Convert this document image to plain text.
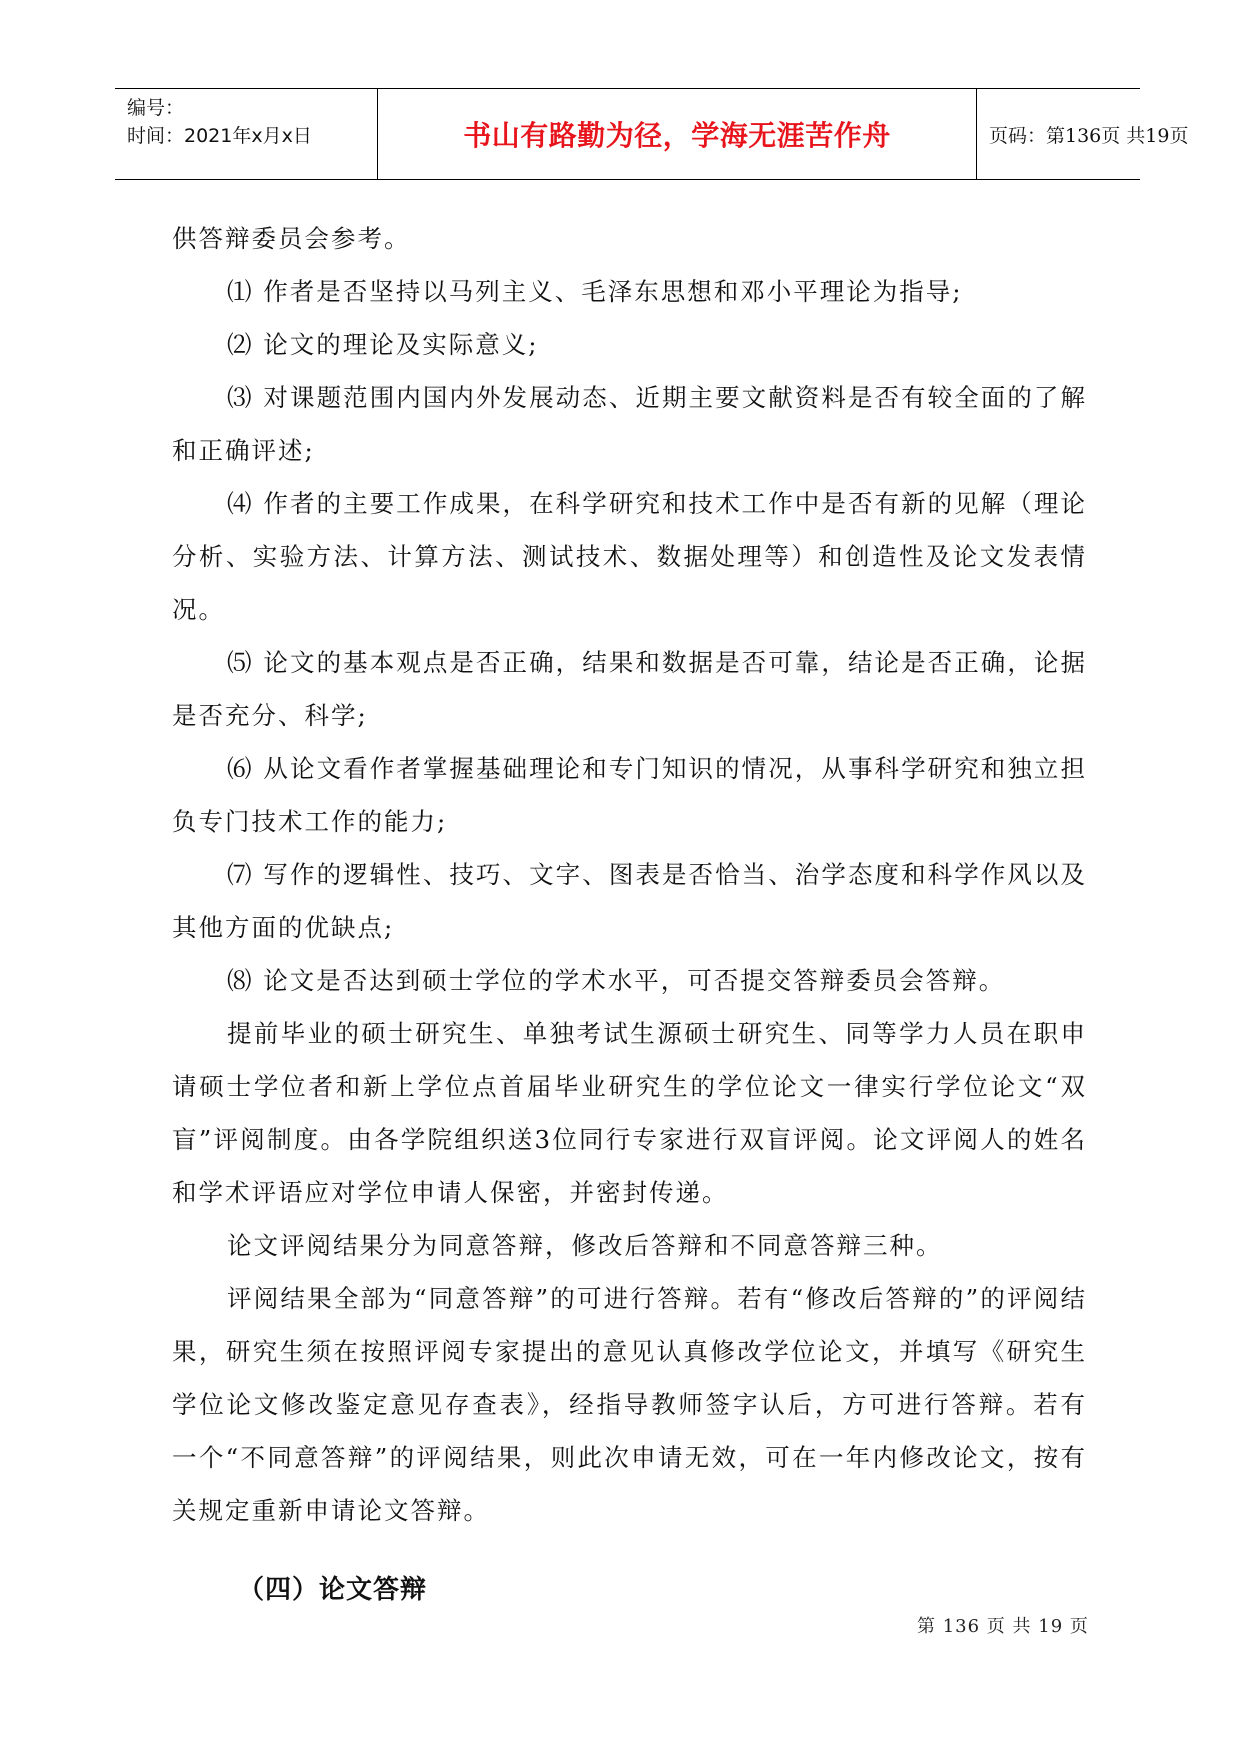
编号：
时间：2021年x月x日	书山有路勤为径，学海无涯苦作舟	页码：第136页 共19页

供答辩委员会参考。

⑴ 作者是否坚持以马列主义、毛泽东思想和邓小平理论为指导;

⑵ 论文的理论及实际意义;

⑶ 对课题范围内国内外发展动态、近期主要文献资料是否有较全面的了解和正确评述;

⑷ 作者的主要工作成果，在科学研究和技术工作中是否有新的见解（理论分析、实验方法、计算方法、测试技术、数据处理等）和创造性及论文发表情况。

⑸ 论文的基本观点是否正确，结果和数据是否可靠，结论是否正确，论据是否充分、科学;

⑹ 从论文看作者掌握基础理论和专门知识的情况，从事科学研究和独立担负专门技术工作的能力;

⑺ 写作的逻辑性、技巧、文字、图表是否恰当、治学态度和科学作风以及其他方面的优缺点;

⑻ 论文是否达到硕士学位的学术水平，可否提交答辩委员会答辩。

提前毕业的硕士研究生、单独考试生源硕士研究生、同等学力人员在职申请硕士学位者和新上学位点首届毕业研究生的学位论文一律实行学位论文“双盲”评阅制度。由各学院组织送3位同行专家进行双盲评阅。论文评阅人的姓名和学术评语应对学位申请人保密，并密封传递。

论文评阅结果分为同意答辩，修改后答辩和不同意答辩三种。

评阅结果全部为“同意答辩”的可进行答辩。若有“修改后答辩的”的评阅结果，研究生须在按照评阅专家提出的意见认真修改学位论文，并填写《研究生学位论文修改鉴定意见存查表》，经指导教师签字认后，方可进行答辩。若有一个“不同意答辩”的评阅结果，则此次申请无效，可在一年内修改论文，按有关规定重新申请论文答辩。

（四）论文答辩

第 136 页 共 19 页
